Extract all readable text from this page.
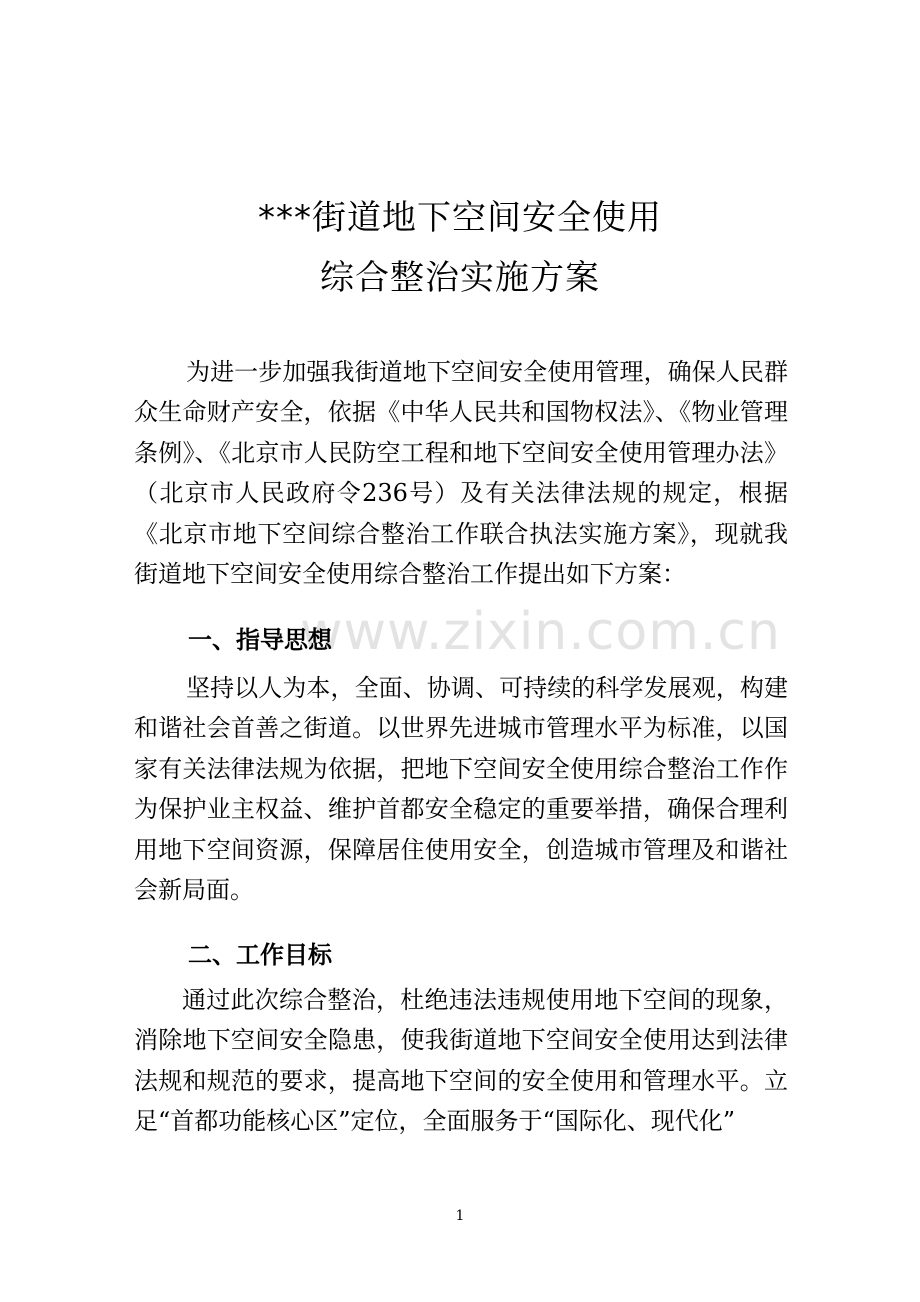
www.zixin.com.cn
***街道地下空间安全使用
综合整治实施方案
为进一步加强我街道地下空间安全使用管理，确保人民群众生命财产安全，依据《中华人民共和国物权法》、《物业管理条例》、《北京市人民防空工程和地下空间安全使用管理办法》（北京市人民政府令236号）及有关法律法规的规定，根据《北京市地下空间综合整治工作联合执法实施方案》，现就我街道地下空间安全使用综合整治工作提出如下方案：
一、指导思想
坚持以人为本，全面、协调、可持续的科学发展观，构建和谐社会首善之街道。以世界先进城市管理水平为标准，以国家有关法律法规为依据，把地下空间安全使用综合整治工作作为保护业主权益、维护首都安全稳定的重要举措，确保合理利用地下空间资源，保障居住使用安全，创造城市管理及和谐社会新局面。
二、工作目标
通过此次综合整治，杜绝违法违规使用地下空间的现象，消除地下空间安全隐患，使我街道地下空间安全使用达到法律法规和规范的要求，提高地下空间的安全使用和管理水平。立足“首都功能核心区”定位，全面服务于“国际化、现代化”
1
